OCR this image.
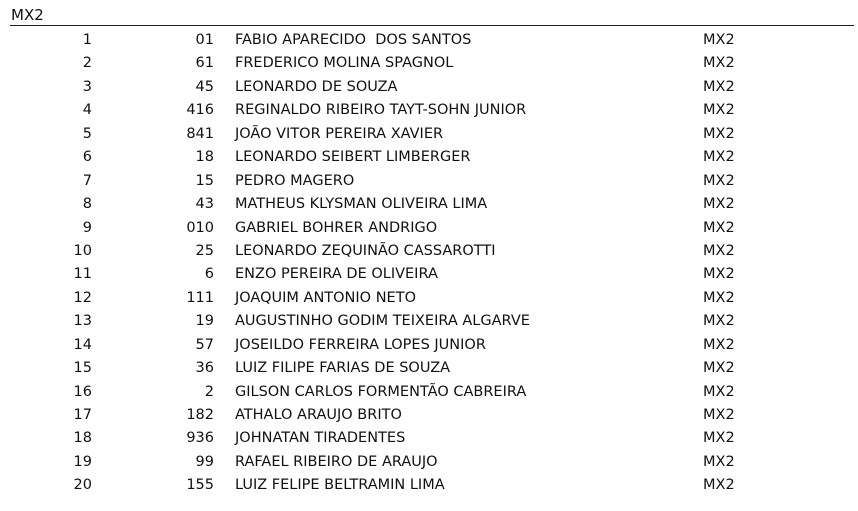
MX2
1	01 FABIO APARECIDO  DOS SANTOS	MX2
2	61 FREDERICO MOLINA SPAGNOL	MX2
3	45 LEONARDO DE SOUZA	MX2
4	416 REGINALDO RIBEIRO TAYT-SOHN JUNIOR	MX2
5	841 JOÃO VITOR PEREIRA XAVIER	MX2
6	18 LEONARDO SEIBERT LIMBERGER	MX2
7	15 PEDRO MAGERO	MX2
8	43 MATHEUS KLYSMAN OLIVEIRA LIMA	MX2
9	010 GABRIEL BOHRER ANDRIGO	MX2
10	25 LEONARDO ZEQUINÃO CASSAROTTI	MX2
11	6 ENZO PEREIRA DE OLIVEIRA	MX2
12	111 JOAQUIM ANTONIO NETO	MX2
13	19 AUGUSTINHO GODIM TEIXEIRA ALGARVE	MX2
14	57 JOSEILDO FERREIRA LOPES JUNIOR	MX2
15	36 LUIZ FILIPE FARIAS DE SOUZA	MX2
16	2 GILSON CARLOS FORMENTÃO CABREIRA	MX2
17	182 ATHALO ARAUJO BRITO	MX2
18	936 JOHNATAN TIRADENTES	MX2
19	99 RAFAEL RIBEIRO DE ARAUJO	MX2
20	155 LUIZ FELIPE BELTRAMIN LIMA	MX2
